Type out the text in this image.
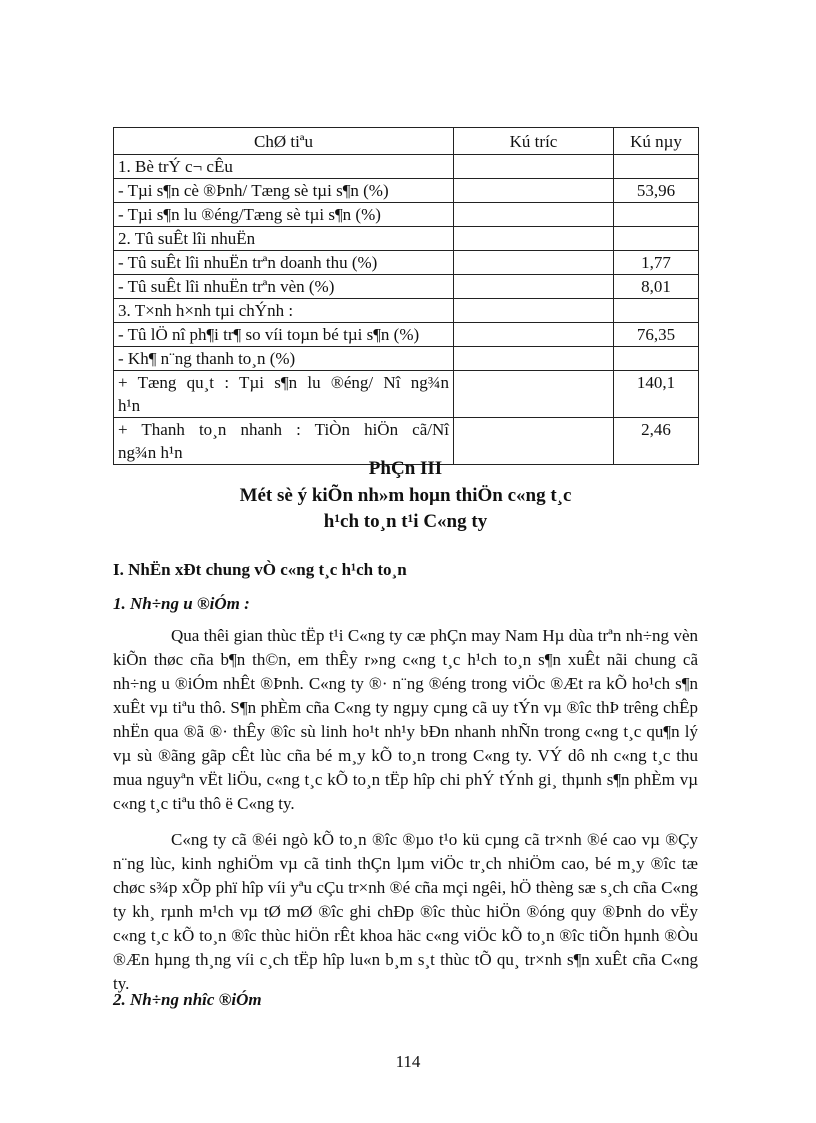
ChØ tiªu	Kú tríc	Kú nµy
1. Bè trÝ c¬ cÊu		
- Tµi s¶n cè ®Þnh/ Tæng sè tµi s¶n (%)		53,96
- Tµi s¶n lu ®éng/Tæng sè tµi s¶n (%)		
2. Tû suÊt lîi nhuËn		
- Tû suÊt lîi nhuËn trªn doanh thu (%)		1,77
- Tû suÊt lîi nhuËn trªn vèn (%)		8,01
3. T×nh h×nh tµi chÝnh :		
- Tû lÖ nî ph¶i tr¶ so víi toµn bé tµi s¶n (%)		76,35
- Kh¶ n¨ng thanh to¸n (%)		

+ Tæng qu¸t : Tµi s¶n lu ®éng/ Nî ng¾n
h¹n		140,1

+ Thanh to¸n nhanh : TiÒn hiÖn cã/Nî
ng¾n h¹n		2,46
PhÇn III
Mét sè ý kiÕn nh»m hoµn thiÖn c«ng t¸c
h¹ch to¸n t¹i C«ng ty
I. NhËn xÐt chung vÒ c«ng t¸c h¹ch to¸n
1. Nh÷ng u ®iÓm :
Qua thêi gian thùc tËp t¹i C«ng ty cæ phÇn may Nam Hµ dùa trªn nh÷ng vèn kiÕn thøc cña b¶n th©n, em thÊy r»ng c«ng t¸c h¹ch to¸n s¶n xuÊt nãi chung cã nh÷ng u ®iÓm nhÊt ®Þnh. C«ng ty ®· n¨ng ®éng trong viÖc ®Æt ra kÕ ho¹ch s¶n xuÊt vµ tiªu thô. S¶n phÈm cña C«ng ty ngµy cµng cã uy tÝn vµ ®îc thÞ trêng chÊp nhËn qua ®ã ®· thÊy ®îc sù linh ho¹t nh¹y bÐn nhanh nhÑn trong c«ng t¸c qu¶n lý vµ sù ®ãng gãp cÊt lùc cña bé m¸y kÕ to¸n trong C«ng ty. VÝ dô nh c«ng t¸c thu mua nguyªn vËt liÖu, c«ng t¸c kÕ to¸n tËp hîp chi phÝ tÝnh gi¸ thµnh s¶n phÈm vµ c«ng t¸c tiªu thô ë C«ng ty.
C«ng ty cã ®éi ngò kÕ to¸n ®îc ®µo t¹o kü cµng cã tr×nh ®é cao vµ ®Çy n¨ng lùc, kinh nghiÖm vµ cã tinh thÇn lµm viÖc tr¸ch nhiÖm cao, bé m¸y ®îc tæ chøc s¾p xÕp phï hîp víi yªu cÇu tr×nh ®é cña mçi ngêi, hÖ thèng sæ s¸ch cña C«ng ty kh¸ rµnh m¹ch vµ tØ mØ ®îc ghi chÐp ®îc thùc hiÖn ®óng quy ®Þnh do vËy c«ng t¸c kÕ to¸n ®îc thùc hiÖn rÊt khoa häc c«ng viÖc kÕ to¸n ®îc tiÕn hµnh ®Òu ®Æn hµng th¸ng víi c¸ch tËp hîp lu«n b¸m s¸t thùc tÕ qu¸ tr×nh s¶n xuÊt cña C«ng ty.
2. Nh÷ng nhîc ®iÓm
114
